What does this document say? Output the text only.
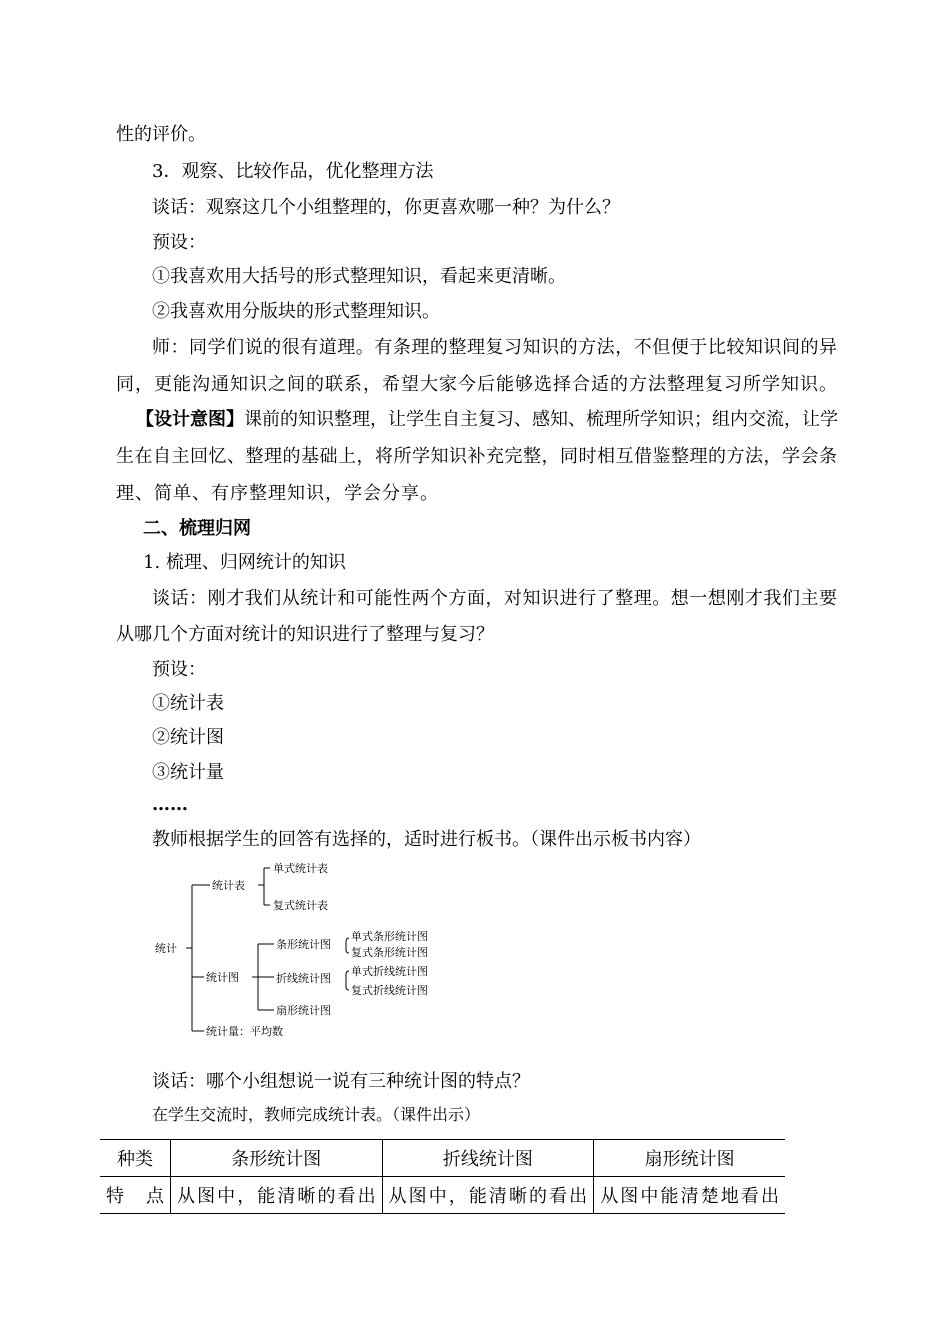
性的评价。
3．观察、比较作品，优化整理方法
谈话：观察这几个小组整理的，你更喜欢哪一种？为什么？
预设：
①我喜欢用大括号的形式整理知识，看起来更清晰。
②我喜欢用分版块的形式整理知识。
师：同学们说的很有道理。有条理的整理复习知识的方法，不但便于比较知识间的异
同，更能沟通知识之间的联系，希望大家今后能够选择合适的方法整理复习所学知识。
【设计意图】课前的知识整理，让学生自主复习、感知、梳理所学知识；组内交流，让学
生在自主回忆、整理的基础上，将所学知识补充完整，同时相互借鉴整理的方法，学会条
理、简单、有序整理知识，学会分享。
二、梳理归网
1. 梳理、归网统计的知识
谈话：刚才我们从统计和可能性两个方面，对知识进行了整理。想一想刚才我们主要
从哪几个方面对统计的知识进行了整理与复习？
预设：
①统计表
②统计图
③统计量
……
教师根据学生的回答有选择的，适时进行板书。（课件出示板书内容）
统计
统计表
单式统计表
复式统计表
统计图
条形统计图
单式条形统计图
复式条形统计图
折线统计图
单式折线统计图
复式折线统计图
扇形统计图
统计量：平均数
谈话：哪个小组想说一说有三种统计图的特点？
在学生交流时，教师完成统计表。（课件出示）
种类	条形统计图	折线统计图	扇形统计图
特点	从图中，能清晰的看出	从图中，能清晰的看出	从图中能清楚地看出
